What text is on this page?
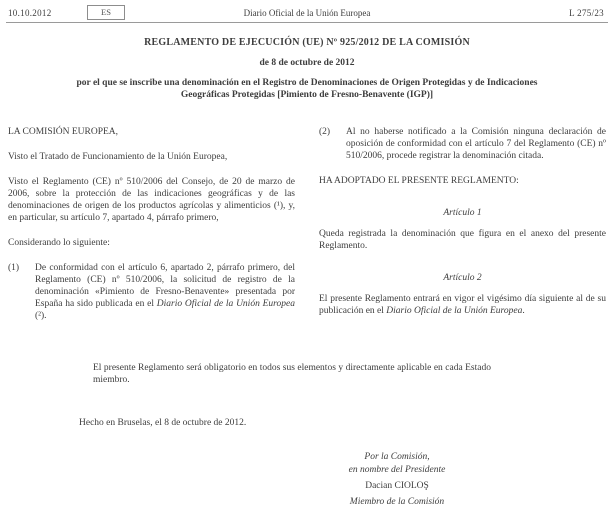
10.10.2012	ES	Diario Oficial de la Unión Europea	L 275/23
REGLAMENTO DE EJECUCIÓN (UE) Nº 925/2012 DE LA COMISIÓN
de 8 de octubre de 2012
por el que se inscribe una denominación en el Registro de Denominaciones de Origen Protegidas y de Indicaciones Geográficas Protegidas [Pimiento de Fresno-Benavente (IGP)]

LA COMISIÓN EUROPEA,

Visto el Tratado de Funcionamiento de la Unión Europea,

Visto el Reglamento (CE) nº 510/2006 del Consejo, de 20 de marzo de 2006, sobre la protección de las indicaciones geográficas y de las denominaciones de origen de los productos agrícolas y alimenticios (¹), y, en particular, su artículo 7, apartado 4, párrafo primero,

Considerando lo siguiente:

(1)	De conformidad con el artículo 6, apartado 2, párrafo primero, del Reglamento (CE) nº 510/2006, la solicitud de registro de la denominación «Pimiento de Fresno-Benavente» presentada por España ha sido publicada en el Diario Oficial de la Unión Europea (²).
(2)	Al no haberse notificado a la Comisión ninguna declaración de oposición de conformidad con el artículo 7 del Reglamento (CE) nº 510/2006, procede registrar la denominación citada.

HA ADOPTADO EL PRESENTE REGLAMENTO:

Artículo 1

Queda registrada la denominación que figura en el anexo del presente Reglamento.

Artículo 2

El presente Reglamento entrará en vigor el vigésimo día siguiente al de su publicación en el Diario Oficial de la Unión Europea.

El presente Reglamento será obligatorio en todos sus elementos y directamente aplicable en cada Estado miembro.
Hecho en Bruselas, el 8 de octubre de 2012.
Por la Comisión,
en nombre del Presidente
Dacian CIOLOŞ
Miembro de la Comisión
